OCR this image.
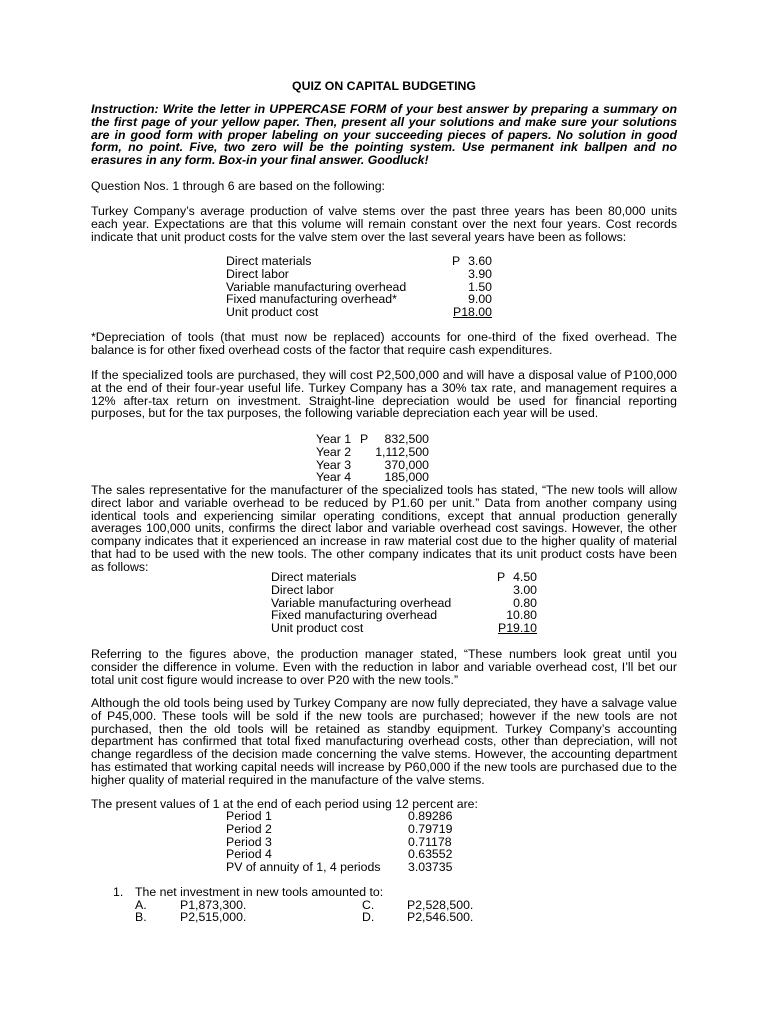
QUIZ ON CAPITAL BUDGETING
Instruction: Write the letter in UPPERCASE FORM of your best answer by preparing a summary on the first page of your yellow paper. Then, present all your solutions and make sure your solutions are in good form with proper labeling on your succeeding pieces of papers. No solution in good form, no point. Five, two zero will be the pointing system. Use permanent ink ballpen and no erasures in any form. Box-in your final answer. Goodluck!
Question Nos. 1 through 6 are based on the following:
Turkey Company’s average production of valve stems over the past three years has been 80,000 units each year. Expectations are that this volume will remain constant over the next four years. Cost records indicate that unit product costs for the valve stem over the last several years have been as follows:
Direct materials	P 3.60
Direct labor	3.90
Variable manufacturing overhead	1.50
Fixed manufacturing overhead*	9.00
Unit product cost	P18.00
*Depreciation of tools (that must now be replaced) accounts for one-third of the fixed overhead. The balance is for other fixed overhead costs of the factor that require cash expenditures.
If the specialized tools are purchased, they will cost P2,500,000 and will have a disposal value of P100,000 at the end of their four-year useful life. Turkey Company has a 30% tax rate, and management requires a 12% after-tax return on investment. Straight-line depreciation would be used for financial reporting purposes, but for the tax purposes, the following variable depreciation each year will be used.
Year 1 P 832,500
Year 2 1,112,500
Year 3	370,000
Year 4	185,000
The sales representative for the manufacturer of the specialized tools has stated, “The new tools will allow direct labor and variable overhead to be reduced by P1.60 per unit.” Data from another company using identical tools and experiencing similar operating conditions, except that annual production generally averages 100,000 units, confirms the direct labor and variable overhead cost savings. However, the other company indicates that it experienced an increase in raw material cost due to the higher quality of material that had to be used with the new tools. The other company indicates that its unit product costs have been as follows:
Direct materials	P 4.50
Direct labor	3.00
Variable manufacturing overhead	0.80
Fixed manufacturing overhead	10.80
Unit product cost	P19.10
Referring to the figures above, the production manager stated, “These numbers look great until you consider the difference in volume. Even with the reduction in labor and variable overhead cost, I’ll bet our total unit cost figure would increase to over P20 with the new tools.”
Although the old tools being used by Turkey Company are now fully depreciated, they have a salvage value of P45,000. These tools will be sold if the new tools are purchased; however if the new tools are not purchased, then the old tools will be retained as standby equipment. Turkey Company’s accounting department has confirmed that total fixed manufacturing overhead costs, other than depreciation, will not change regardless of the decision made concerning the valve stems. However, the accounting department has estimated that working capital needs will increase by P60,000 if the new tools are purchased due to the higher quality of material required in the manufacture of the valve stems.
The present values of 1 at the end of each period using 12 percent are:
Period 1	0.89286
Period 2	0.79719
Period 3	0.71178
Period 4	0.63552
PV of annuity of 1, 4 periods 3.03735
1. The net investment in new tools amounted to:
A.	P1,873,300.	C.	P2,528,500.
B.	P2,515,000.	D.	P2,546.500.
